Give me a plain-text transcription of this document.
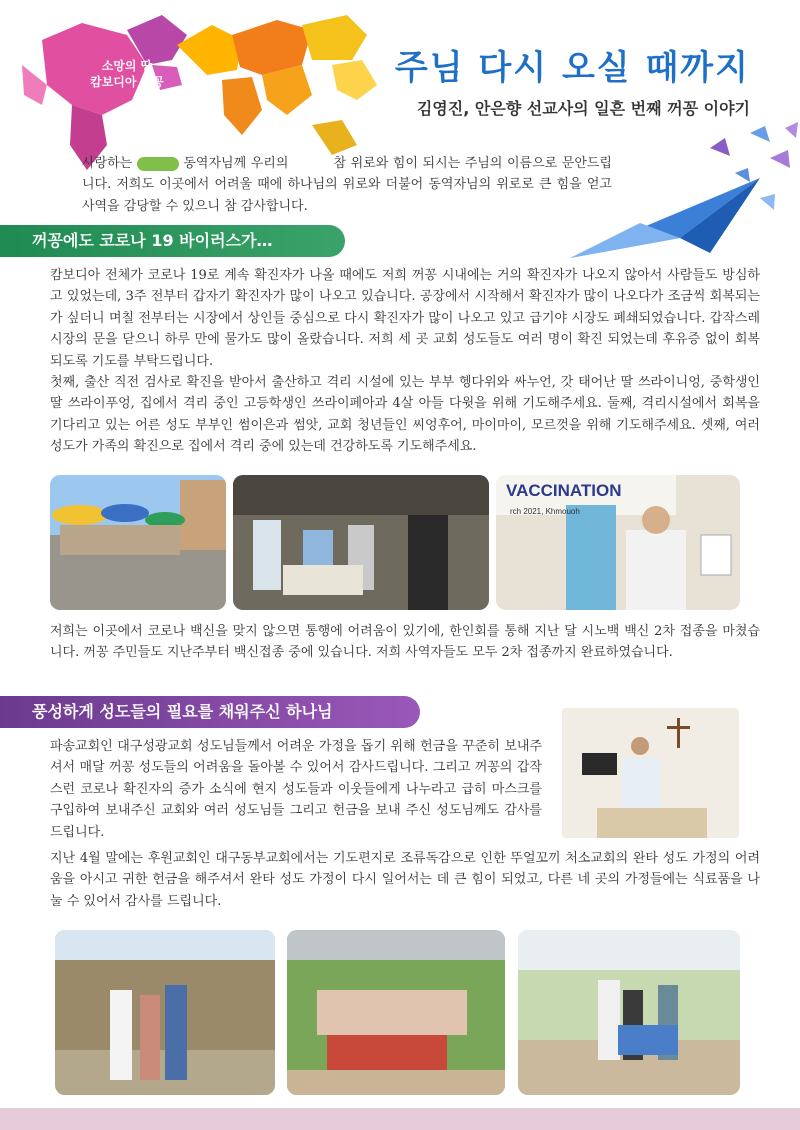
소망의 땅
캄보디아 꺼꽁	주님 다시 오실 때까지
김영진, 안은향 선교사의 일흔 번째 꺼꽁 이야기
사랑하는	동역자님께 우리의	참 위로와 힘이 되시는 주님의 이름으로 문안드립니다. 저희도 이곳에서 어려울 때에 하나님의 위로와 더불어 동역자님의 위로로 큰 힘을 얻고 사역을 감당할 수 있으니 참 감사합니다.
꺼꽁에도 코로나 19 바이러스가…
캄보디아 전체가 코로나 19로 계속 확진자가 나올 때에도 저희 꺼꽁 시내에는 거의 확진자가 나오지 않아서 사람들도 방심하고 있었는데, 3주 전부터 갑자기 확진자가 많이 나오고 있습니다. 공장에서 시작해서 확진자가 많이 나오다가 조금씩 회복되는가 싶더니 며칠 전부터는 시장에서 상인들 중심으로 다시 확진자가 많이 나오고 있고 급기야 시장도 폐쇄되었습니다. 갑작스레 시장의 문을 닫으니 하루 만에 물가도 많이 올랐습니다. 저희 세 곳 교회 성도들도 여러 명이 확진 되었는데 후유증 없이 회복되도록 기도를 부탁드립니다.
첫째, 출산 직전 검사로 확진을 받아서 출산하고 격리 시설에 있는 부부 헹다위와 싸누언, 갓 태어난 딸 쓰라이니엉, 중학생인 딸 쓰라이푸엉, 집에서 격리 중인 고등학생인 쓰라이페아과 4살 아들 다윗을 위해 기도해주세요. 둘째, 격리시설에서 회복을 기다리고 있는 어른 성도 부부인 썸이은과 썸앗, 교회 청년들인 씨엉후어, 마이마이, 모르껏을 위해 기도해주세요. 셋째, 여러 성도가 가족의 확진으로 집에서 격리 중에 있는데 건강하도록 기도해주세요.
VACCINATION
rch 2021, Khmouoh
저희는 이곳에서 코로나 백신을 맞지 않으면 통행에 어려움이 있기에, 한인회를 통해 지난 달 시노백 백신 2차 접종을 마쳤습니다. 꺼꽁 주민들도 지난주부터 백신접종 중에 있습니다. 저희 사역자들도 모두 2차 접종까지 완료하였습니다.
풍성하게 성도들의 필요를 채워주신 하나님
파송교회인 대구성광교회 성도님들께서 어려운 가정을 돕기 위해 헌금을 꾸준히 보내주셔서 매달 꺼꽁 성도들의 어려움을 돌아볼 수 있어서 감사드립니다. 그리고 꺼꽁의 갑작스런 코로나 확진자의 증가 소식에 현지 성도들과 이웃들에게 나누라고 급히 마스크를 구입하여 보내주신 교회와 여러 성도님들 그리고 헌금을 보내 주신 성도님께도 감사를 드립니다.
지난 4월 말에는 후원교회인 대구동부교회에서는 기도편지로 조류독감으로 인한 뚜얼꼬끼 처소교회의 완타 성도 가정의 어려움을 아시고 귀한 헌금을 해주셔서 완타 성도 가정이 다시 일어서는 데 큰 힘이 되었고, 다른 네 곳의 가정들에는 식료품을 나눌 수 있어서 감사를 드립니다.
